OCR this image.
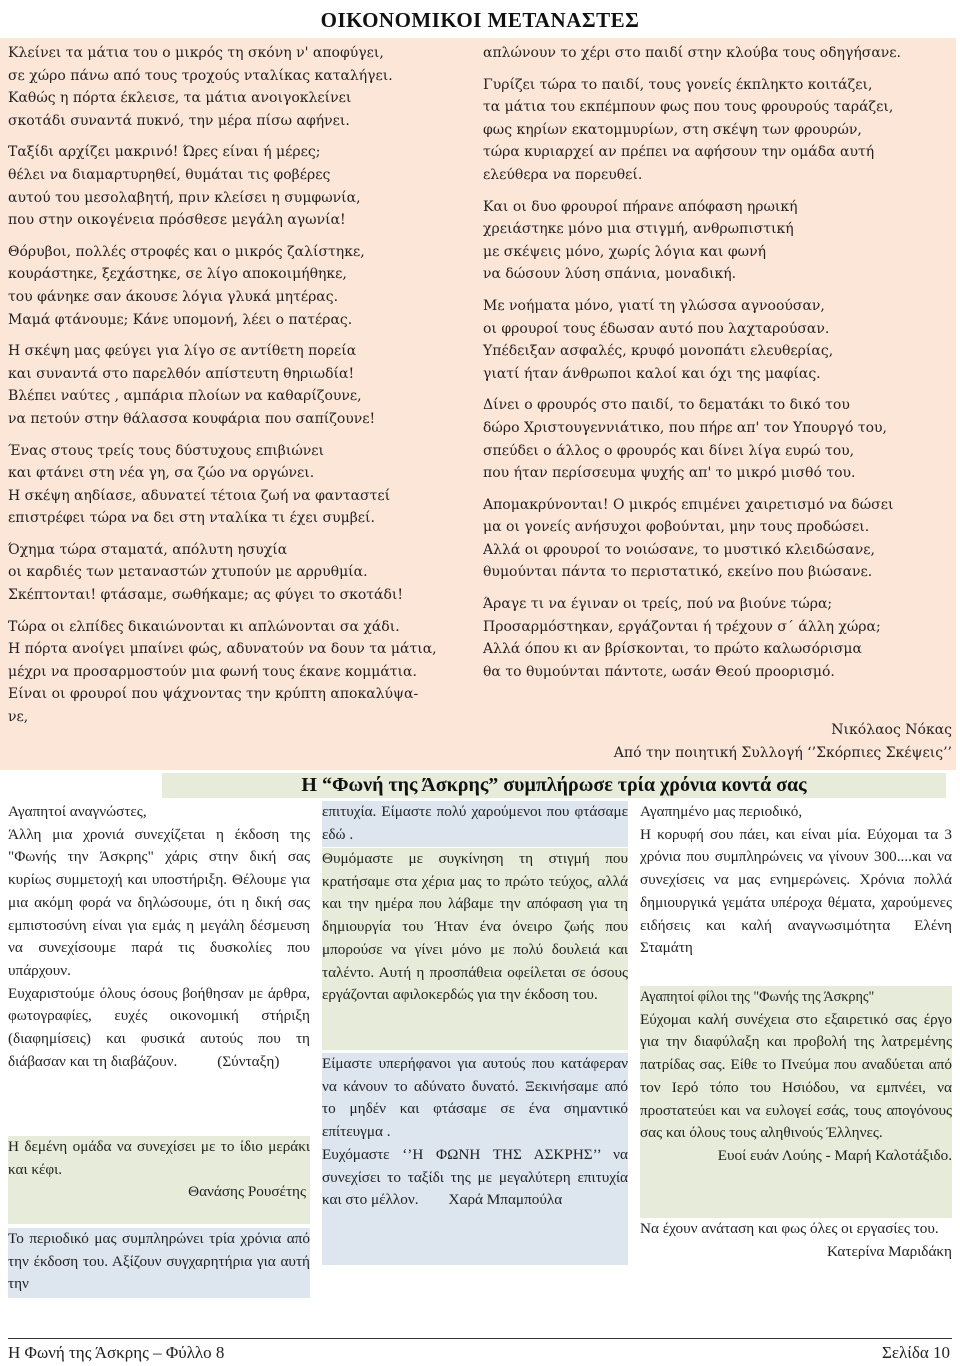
ΟΙΚΟΝΟΜΙΚΟΙ ΜΕΤΑΝΑΣΤΕΣ

Κλείνει τα μάτια του ο μικρός τη σκόνη ν' αποφύγει,

σε χώρο πάνω από τους τροχούς νταλίκας καταλήγει.

Καθώς η πόρτα έκλεισε, τα μάτια ανοιγοκλείνει

σκοτάδι συναντά πυκνό, την μέρα πίσω αφήνει.

Ταξίδι αρχίζει μακρινό! Ώρες είναι ή μέρες;

θέλει να διαμαρτυρηθεί, θυμάται τις φοβέρες

αυτού του μεσολαβητή, πριν κλείσει η συμφωνία,

που στην οικογένεια πρόσθεσε μεγάλη αγωνία!

Θόρυβοι, πολλές στροφές και ο μικρός ζαλίστηκε,

κουράστηκε, ξεχάστηκε, σε λίγο αποκοιμήθηκε,

του φάνηκε σαν άκουσε λόγια γλυκά μητέρας.

Μαμά φτάνουμε; Κάνε υπομονή, λέει ο πατέρας.

Η σκέψη μας φεύγει για λίγο σε αντίθετη πορεία

και συναντά στο παρελθόν απίστευτη θηριωδία!

Βλέπει ναύτες , αμπάρια πλοίων να καθαρίζουνε,

να πετούν στην θάλασσα κουφάρια που σαπίζουνε!

Ένας στους τρείς τους δύστυχους επιβιώνει

και φτάνει στη νέα γη, σα ζώο να οργώνει.

Η σκέψη αηδίασε, αδυνατεί τέτοια ζωή να φανταστεί

επιστρέφει τώρα να δει στη νταλίκα τι έχει συμβεί.

Όχημα τώρα σταματά, απόλυτη ησυχία

οι καρδιές των μεταναστών χτυπούν με αρρυθμία.

Σκέπτονται! φτάσαμε, σωθήκαμε; ας φύγει το σκοτάδι!

Τώρα οι ελπίδες δικαιώνονται κι απλώνονται σα χάδι.

Η πόρτα ανοίγει μπαίνει φώς, αδυνατούν να δουν τα μάτια,

μέχρι να προσαρμοστούν μια φωνή τους έκανε κομμάτια.

Είναι οι φρουροί που ψάχνοντας την κρύπτη αποκαλύψα-

νε,

απλώνουν το χέρι στο παιδί στην κλούβα τους οδηγήσανε.

Γυρίζει τώρα το παιδί, τους γονείς έκπληκτο κοιτάζει,

τα μάτια του εκπέμπουν φως που τους φρουρούς ταράζει,

φως κηρίων εκατομμυρίων, στη σκέψη των φρουρών,

τώρα κυριαρχεί αν πρέπει να αφήσουν την ομάδα αυτή

ελεύθερα να πορευθεί.

Και οι δυο φρουροί πήρανε απόφαση ηρωική

χρειάστηκε μόνο μια στιγμή, ανθρωπιστική

με σκέψεις μόνο, χωρίς λόγια και φωνή

να δώσουν λύση σπάνια, μοναδική.

Με νοήματα μόνο, γιατί τη γλώσσα αγνοούσαν,

οι φρουροί τους έδωσαν αυτό που λαχταρούσαν.

Υπέδειξαν ασφαλές, κρυφό μονοπάτι ελευθερίας,

γιατί ήταν άνθρωποι καλοί και όχι της μαφίας.

Δίνει ο φρουρός στο παιδί, το δεματάκι το δικό του

δώρο Χριστουγεννιάτικο, που πήρε απ' τον Υπουργό του,

σπεύδει ο άλλος ο φρουρός και δίνει λίγα ευρώ του,

που ήταν περίσσευμα ψυχής απ' το μικρό μισθό του.

Απομακρύνονται! Ο μικρός επιμένει χαιρετισμό να δώσει

μα οι γονείς ανήσυχοι φοβούνται, μην τους προδώσει.

Αλλά οι φρουροί το νοιώσανε, το μυστικό κλειδώσανε,

θυμούνται πάντα το περιστατικό, εκείνο που βιώσανε.

Άραγε τι να έγιναν οι τρείς, πού να βιούνε τώρα;

Προσαρμόστηκαν, εργάζονται ή τρέχουν σ΄ άλλη χώρα;

Αλλά όπου κι αν βρίσκονται, το πρώτο καλωσόρισμα

θα το θυμούνται πάντοτε, ωσάν Θεού προορισμό.

Νικόλαος Νόκας
Από την ποιητική Συλλογή ‘’Σκόρπιες Σκέψεις’’
Η “Φωνή της Άσκρης” συμπλήρωσε τρία χρόνια κοντά σας

Αγαπητοί αναγνώστες,

Άλλη μια χρονιά συνεχίζεται η έκδοση της "Φωνής την Άσκρης" χάρις στην δική σας κυρίως συμμετοχή και υποστήριξη. Θέλουμε για μια ακόμη φορά να δηλώσουμε, ότι η δική σας εμπιστοσύνη είναι για εμάς η μεγάλη δέσμευση να συνεχίσουμε παρά τις δυσκολίες που υπάρχουν.

Ευχαριστούμε όλους όσους βοήθησαν με άρθρα, φωτογραφίες, ευχές οικονομική στήριξη (διαφημίσεις) και φυσικά αυτούς που τη διάβασαν και τη διαβάζουν.	(Σύνταξη)

Η δεμένη ομάδα να συνεχίσει με το ίδιο μεράκι και κέφι.

Θανάσης Ρουσέτης

Το περιοδικό μας συμπληρώνει τρία χρόνια από την έκδοση του. Αξίζουν συγχαρητήρια για αυτή την

επιτυχία. Είμαστε πολύ χαρούμενοι που φτάσαμε εδώ .

Θυμόμαστε με συγκίνηση τη στιγμή που κρατήσαμε στα χέρια μας το πρώτο τεύχος, αλλά και την ημέρα που λάβαμε την απόφαση για τη δημιουργία του Ήταν ένα όνειρο ζωής που μπορούσε να γίνει μόνο με πολύ δουλειά και ταλέντο. Αυτή η προσπάθεια οφείλεται σε όσους εργάζονται αφιλοκερδώς για την έκδοση του.

Είμαστε υπερήφανοι για αυτούς που κατάφεραν να κάνουν το αδύνατο δυνατό. Ξεκινήσαμε από το μηδέν και φτάσαμε σε ένα σημαντικό επίτευγμα .

Ευχόμαστε ‘’Η ΦΩΝΗ ΤΗΣ ΑΣΚΡΗΣ’’ να συνεχίσει το ταξίδι της με μεγαλύτερη επιτυχία και στο μέλλον. Χαρά Μπαμπούλα

Αγαπημένο μας περιοδικό,

Η κορυφή σου πάει, και είναι μία. Εύχομαι τα 3 χρόνια που συμπληρώνεις να γίνουν 300....και να συνεχίσεις να μας ενημερώνεις. Χρόνια πολλά δημιουργικά γεμάτα υπέροχα θέματα, χαρούμενες ειδήσεις και καλή αναγνωσιμότητα Ελένη Σταμάτη

Αγαπητοί φίλοι της "Φωνής της Άσκρης"

Εύχομαι καλή συνέχεια στο εξαιρετικό σας έργο για την διαφύλαξη και προβολή της λατρεμένης πατρίδας σας. Είθε το Πνεύμα που αναδύεται από τον Ιερό τόπο του Ησιόδου, να εμπνέει, να προστατεύει και να ευλογεί εσάς, τους απογόνους σας και όλους τους αληθινούς Έλληνες.

Ευοί ευάν Λούης - Μαρή Καλοτάξιδο.

Να έχουν ανάταση και φως όλες οι εργασίες του.

Κατερίνα Μαριδάκη

Η Φωνή της Άσκρης – Φύλλο 8	Σελίδα 10
